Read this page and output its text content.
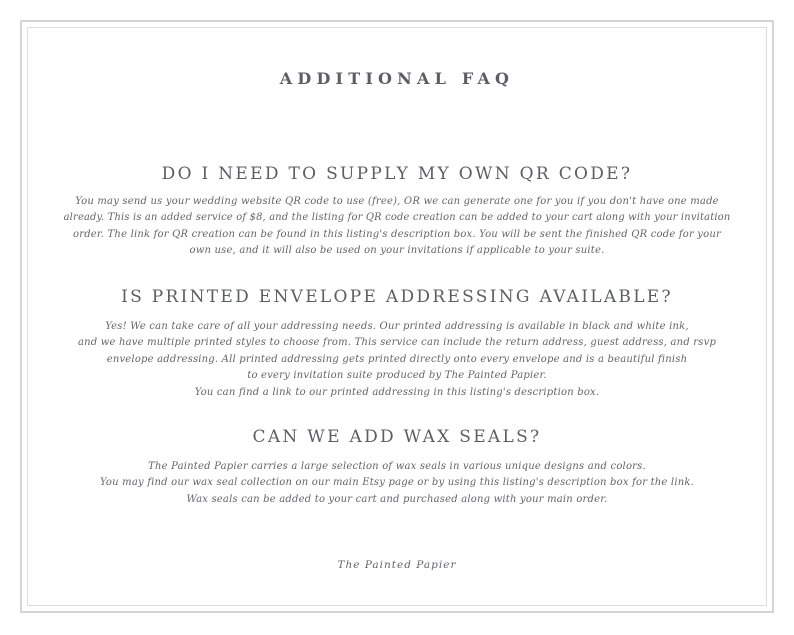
ADDITIONAL FAQ
DO I NEED TO SUPPLY MY OWN QR CODE?

You may send us your wedding website QR code to use (free), OR we can generate one for you if you don't have one made
already. This is an added service of $8, and the listing for QR code creation can be added to your cart along with your invitation
order. The link for QR creation can be found in this listing's description box. You will be sent the finished QR code for your
own use, and it will also be used on your invitations if applicable to your suite.

IS PRINTED ENVELOPE ADDRESSING AVAILABLE?

Yes! We can take care of all your addressing needs. Our printed addressing is available in black and white ink,
and we have multiple printed styles to choose from. This service can include the return address, guest address, and rsvp
envelope addressing. All printed addressing gets printed directly onto every envelope and is a beautiful finish
to every invitation suite produced by The Painted Papier.
You can find a link to our printed addressing in this listing's description box.

CAN WE ADD WAX SEALS?

The Painted Papier carries a large selection of wax seals in various unique designs and colors.
You may find our wax seal collection on our main Etsy page or by using this listing's description box for the link.
Wax seals can be added to your cart and purchased along with your main order.

The Painted Papier
